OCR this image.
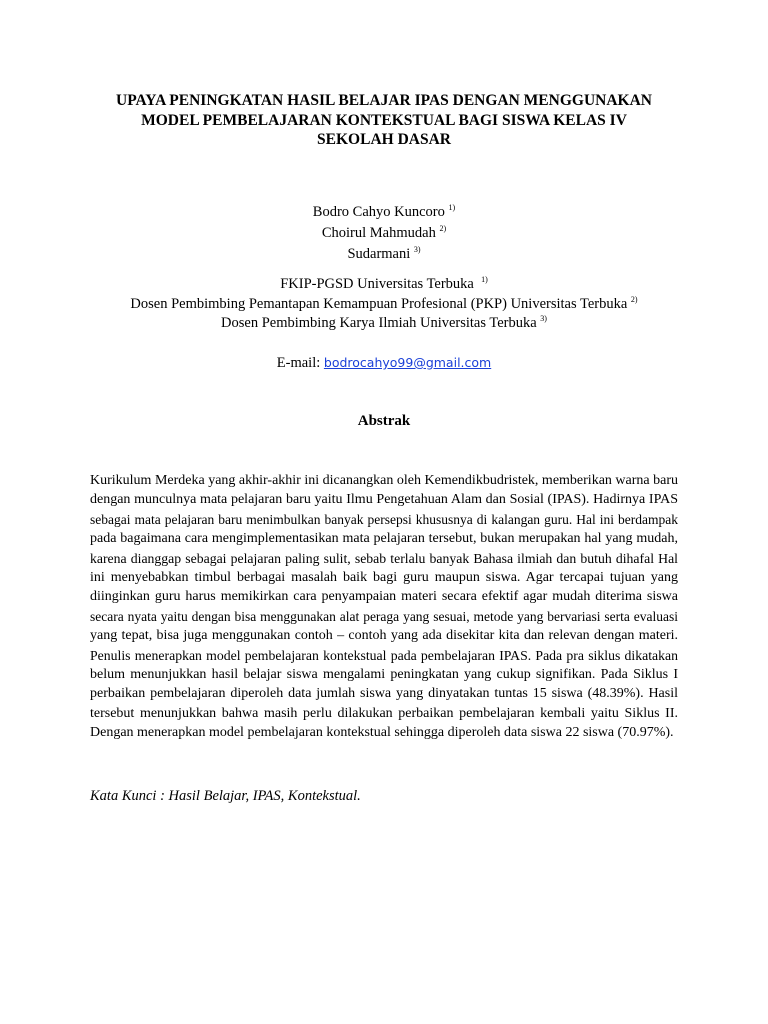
UPAYA PENINGKATAN HASIL BELAJAR IPAS DENGAN MENGGUNAKAN
MODEL PEMBELAJARAN KONTEKSTUAL BAGI SISWA KELAS IV
SEKOLAH DASAR
Bodro Cahyo Kuncoro $^{1)}$
Choirul Mahmudah $^{2)}$
Sudarmani $^{3)}$
FKIP-PGSD Universitas Terbuka $^{1)}$
Dosen Pembimbing Pemantapan Kemampuan Profesional (PKP) Universitas Terbuka $^{2)}$
Dosen Pembimbing Karya Ilmiah Universitas Terbuka $^{3)}$
E-mail: bodrocahyo99@gmail.com
Abstrak
Kurikulum Merdeka yang akhir-akhir ini dicanangkan oleh Kemendikbudristek, memberikan warna baru
dengan munculnya mata pelajaran baru yaitu Ilmu Pengetahuan Alam dan Sosial (IPAS). Hadirnya IPAS
sebagai mata pelajaran baru menimbulkan banyak persepsi khususnya di kalangan guru. Hal ini berdampak
pada bagaimana cara mengimplementasikan mata pelajaran tersebut, bukan merupakan hal yang mudah,
karena dianggap sebagai pelajaran paling sulit, sebab terlalu banyak Bahasa ilmiah dan butuh dihafal Hal
ini menyebabkan timbul berbagai masalah baik bagi guru maupun siswa. Agar tercapai tujuan yang
diinginkan guru harus memikirkan cara penyampaian materi secara efektif agar mudah diterima siswa
secara nyata yaitu dengan bisa menggunakan alat peraga yang sesuai, metode yang bervariasi serta evaluasi
yang tepat, bisa juga menggunakan contoh – contoh yang ada disekitar kita dan relevan dengan materi.
Penulis menerapkan model pembelajaran kontekstual pada pembelajaran IPAS. Pada pra siklus dikatakan
belum menunjukkan hasil belajar siswa mengalami peningkatan yang cukup signifikan. Pada Siklus I
perbaikan pembelajaran diperoleh data jumlah siswa yang dinyatakan tuntas 15 siswa (48.39%). Hasil
tersebut menunjukkan bahwa masih perlu dilakukan perbaikan pembelajaran kembali yaitu Siklus II.
Dengan menerapkan model pembelajaran kontekstual sehingga diperoleh data siswa 22 siswa (70.97%).
Kata Kunci : Hasil Belajar, IPAS, Kontekstual.
